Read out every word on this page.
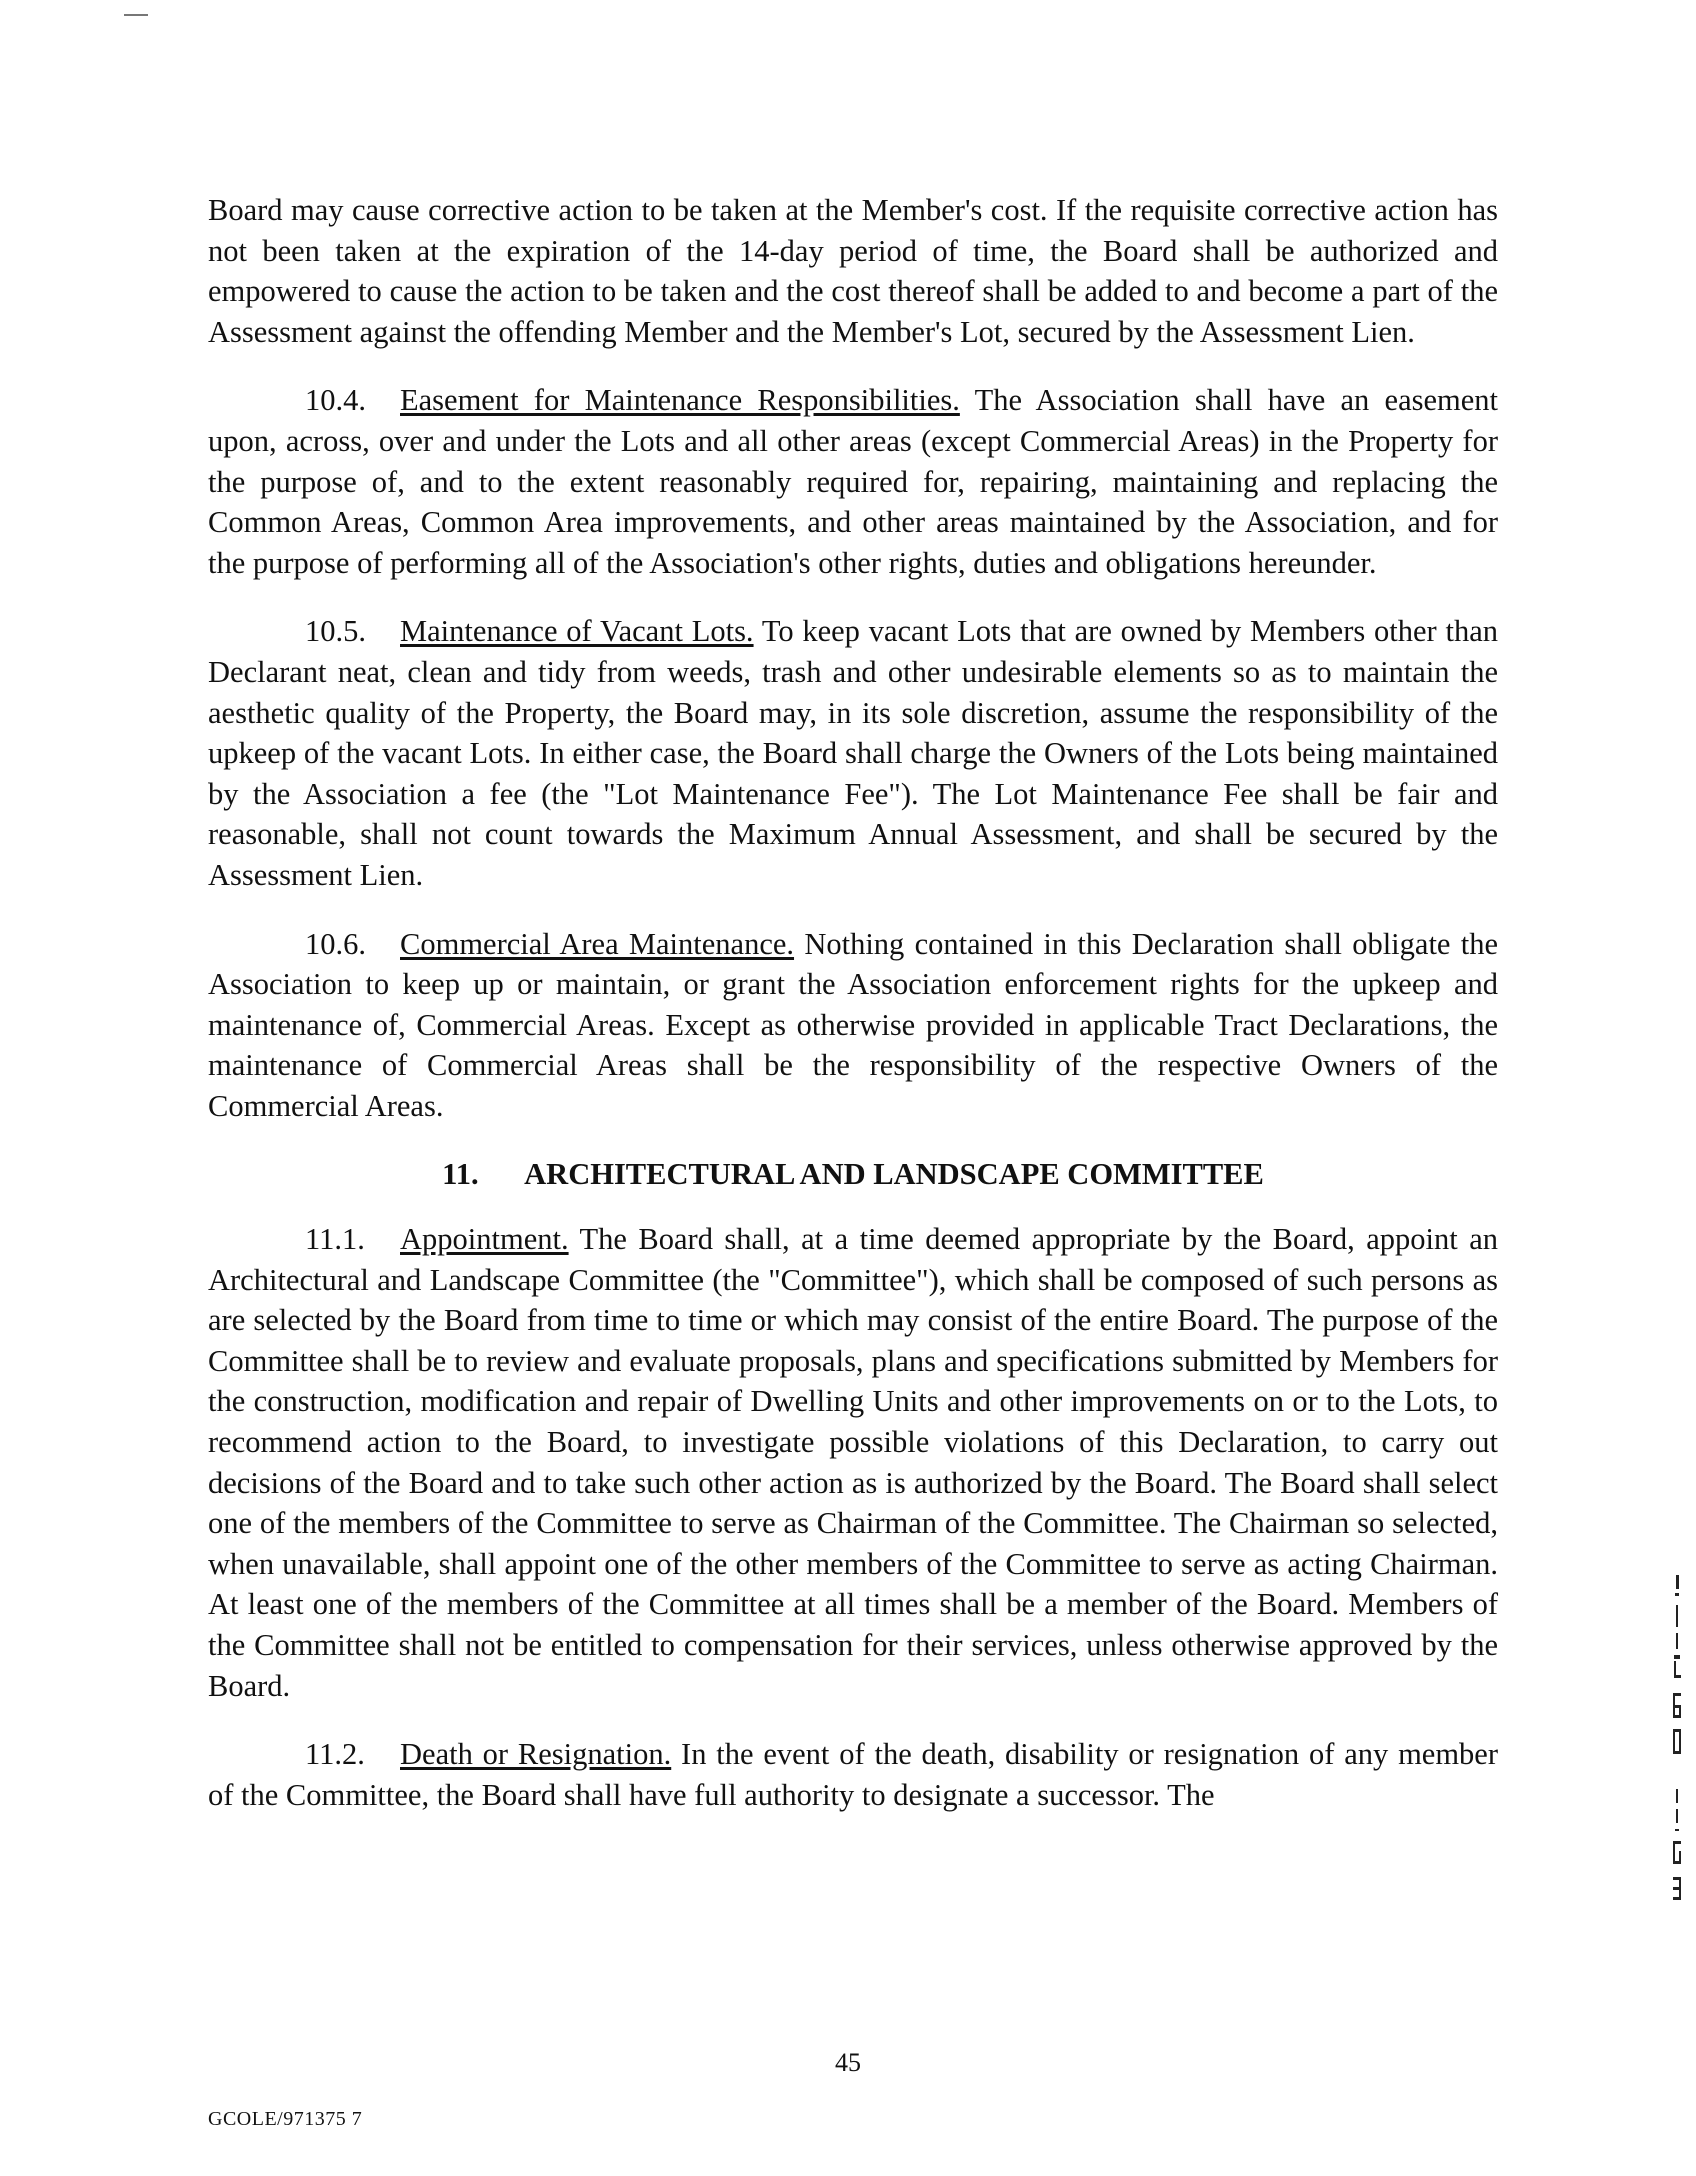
Board may cause corrective action to be taken at the Member's cost. If the requisite corrective action has not been taken at the expiration of the 14-day period of time, the Board shall be authorized and empowered to cause the action to be taken and the cost thereof shall be added to and become a part of the Assessment against the offending Member and the Member's Lot, secured by the Assessment Lien.

10.4. Easement for Maintenance Responsibilities. The Association shall have an easement upon, across, over and under the Lots and all other areas (except Commercial Areas) in the Property for the purpose of, and to the extent reasonably required for, repairing, maintaining and replacing the Common Areas, Common Area improvements, and other areas maintained by the Association, and for the purpose of performing all of the Association's other rights, duties and obligations hereunder.

10.5. Maintenance of Vacant Lots. To keep vacant Lots that are owned by Members other than Declarant neat, clean and tidy from weeds, trash and other undesirable elements so as to maintain the aesthetic quality of the Property, the Board may, in its sole discretion, assume the responsibility of the upkeep of the vacant Lots. In either case, the Board shall charge the Owners of the Lots being maintained by the Association a fee (the "Lot Maintenance Fee"). The Lot Maintenance Fee shall be fair and reasonable, shall not count towards the Maximum Annual Assessment, and shall be secured by the Assessment Lien.

10.6. Commercial Area Maintenance. Nothing contained in this Declaration shall obligate the Association to keep up or maintain, or grant the Association enforcement rights for the upkeep and maintenance of, Commercial Areas. Except as otherwise provided in applicable Tract Declarations, the maintenance of Commercial Areas shall be the responsibility of the respective Owners of the Commercial Areas.

11. ARCHITECTURAL AND LANDSCAPE COMMITTEE

11.1. Appointment. The Board shall, at a time deemed appropriate by the Board, appoint an Architectural and Landscape Committee (the "Committee"), which shall be composed of such persons as are selected by the Board from time to time or which may consist of the entire Board. The purpose of the Committee shall be to review and evaluate proposals, plans and specifications submitted by Members for the construction, modification and repair of Dwelling Units and other improvements on or to the Lots, to recommend action to the Board, to investigate possible violations of this Declaration, to carry out decisions of the Board and to take such other action as is authorized by the Board. The Board shall select one of the members of the Committee to serve as Chairman of the Committee. The Chairman so selected, when unavailable, shall appoint one of the other members of the Committee to serve as acting Chairman. At least one of the members of the Committee at all times shall be a member of the Board. Members of the Committee shall not be entitled to compensation for their services, unless otherwise approved by the Board.

11.2. Death or Resignation. In the event of the death, disability or resignation of any member of the Committee, the Board shall have full authority to designate a successor. The

45
GCOLE/971375 7
